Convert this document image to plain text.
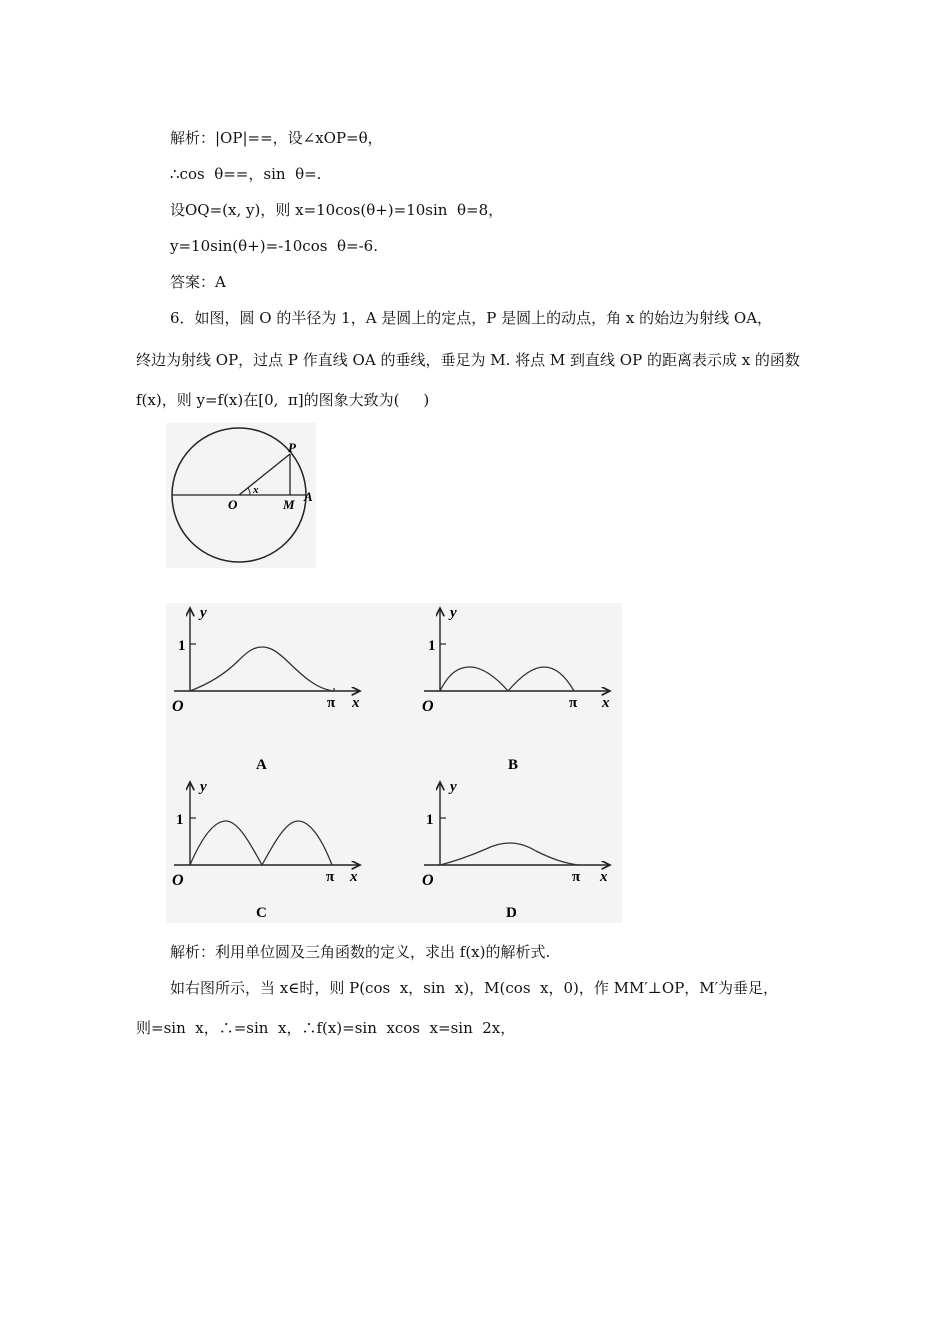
解析：|OP|==，设∠xOP=θ，
∴cos  θ==，sin  θ=.
设OQ=(x, y)，则 x=10cos(θ+)=10sin  θ=8，
y=10sin(θ+)=-10cos  θ=-6.
答案：A
6．如图，圆 O 的半径为 1，A 是圆上的定点，P 是圆上的动点，角 x 的始边为射线 OA，
终边为射线 OP，过点 P 作直线 OA 的垂线，垂足为 M. 将点 M 到直线 OP 的距离表示成 x 的函数
f(x)，则 y=f(x)在[0,  π]的图象大致为(     )
P
O
x
M
A
y
1
O	π x
A
y
1
O	π x
B
y
1
O	π x
C
y
1
O	π x
D
解析：利用单位圆及三角函数的定义，求出 f(x)的解析式.
如右图所示，当 x∈时，则 P(cos  x，sin  x)，M(cos  x，0)，作 MM′⊥OP，M′为垂足，
则=sin  x，∴=sin  x，∴f(x)=sin  xcos  x=sin  2x，
